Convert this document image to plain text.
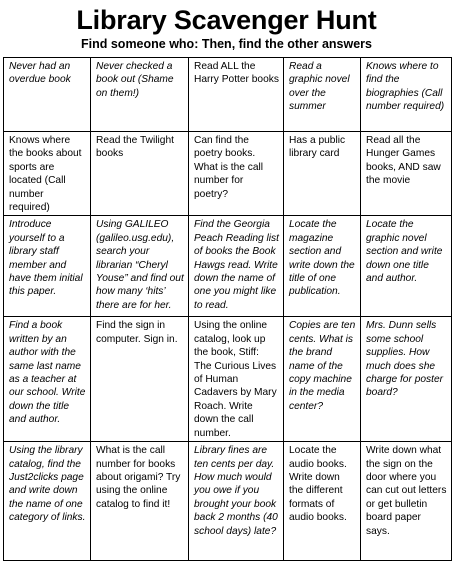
Library Scavenger Hunt
Find someone who: Then, find the other answers
Never had an overdue book	Never checked a book out (Shame on them!)	Read ALL the Harry Potter books	Read a graphic novel over the summer	Knows where to find the biographies (Call number required)
Knows where the books about sports are located (Call number required)	Read the Twilight books	Can find the poetry books. What is the call number for poetry?	Has a public library card	Read all the Hunger Games books, AND saw the movie
Introduce yourself to a library staff member and have them initial this paper.	Using GALILEO (galileo.usg.edu), search your librarian “Cheryl Youse” and find out how many ‘hits’ there are for her.	Find the Georgia Peach Reading list of books the Book Hawgs read. Write down the name of one you might like to read.	Locate the magazine section and write down the title of one publication.	Locate the graphic novel section and write down one title and author.
Find a book written by an author with the same last name as a teacher at our school. Write down the title and author.	Find the sign in computer. Sign in.	Using the online catalog, look up the book, Stiff: The Curious Lives of Human Cadavers by Mary Roach. Write down the call number.	Copies are ten cents. What is the brand name of the copy machine in the media center?	Mrs. Dunn sells some school supplies. How much does she charge for poster board?
Using the library catalog, find the Just2clicks page and write down the name of one category of links.	What is the call number for books about origami? Try using the online catalog to find it!	Library fines are ten cents per day. How much would you owe if you brought your book back 2 months (40 school days) late?	Locate the audio books. Write down the different formats of audio books.	Write down what the sign on the door where you can cut out letters or get bulletin board paper says.
